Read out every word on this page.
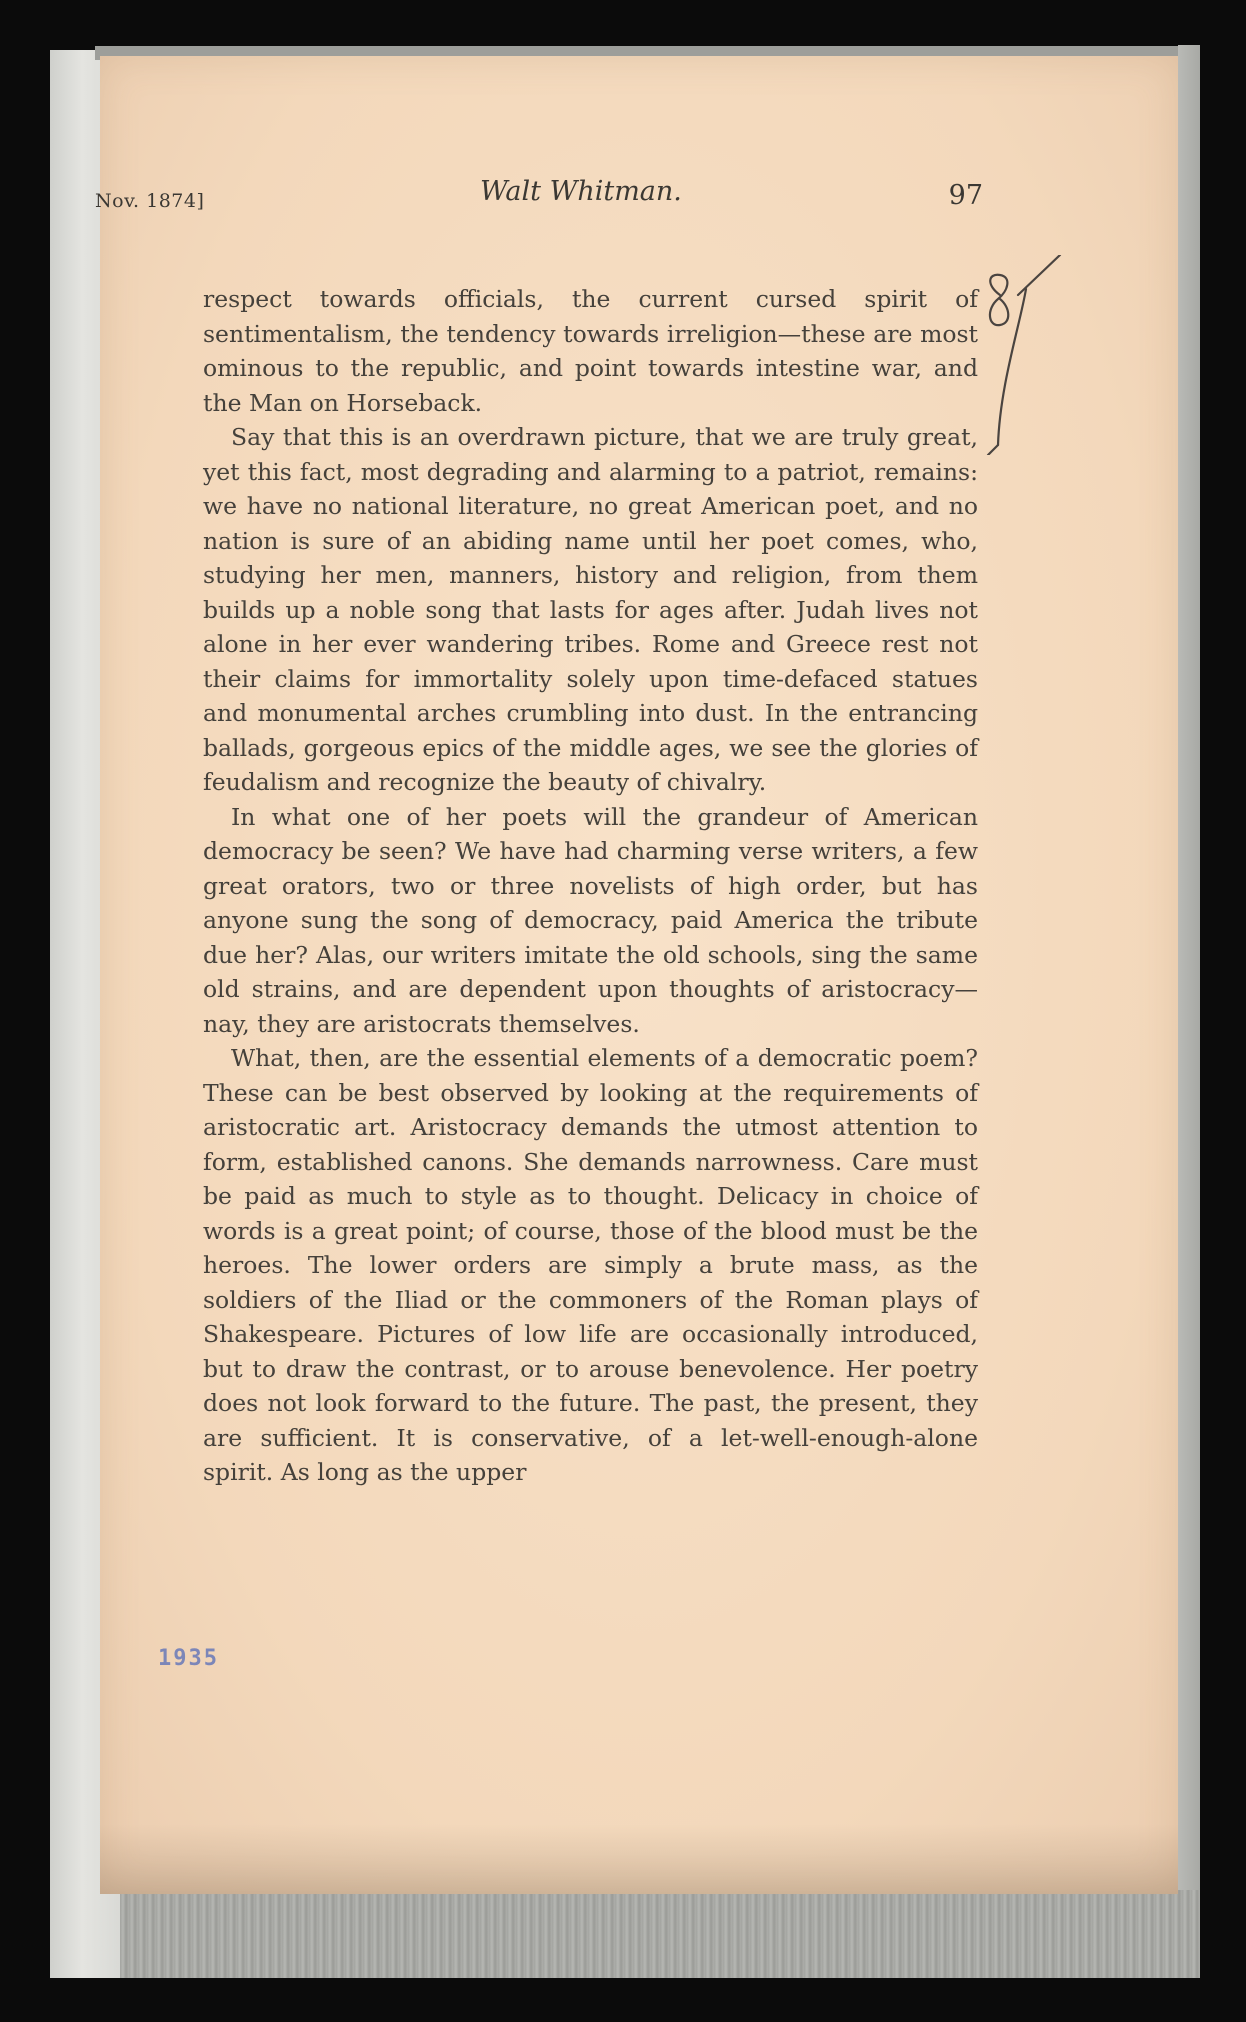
Nov. 1874]	Walt Whitman.	97

respect towards officials, the current cursed spirit of sentimentalism, the tendency towards irreligion—these are most ominous to the republic, and point towards intestine war, and the Man on Horseback.

Say that this is an overdrawn picture, that we are truly great, yet this fact, most degrading and alarming to a patriot, remains: we have no national literature, no great American poet, and no nation is sure of an abiding name until her poet comes, who, studying her men, manners, history and religion, from them builds up a noble song that lasts for ages after. Judah lives not alone in her ever wandering tribes. Rome and Greece rest not their claims for immortality solely upon time-defaced statues and monumental arches crumbling into dust. In the entrancing ballads, gorgeous epics of the middle ages, we see the glories of feudalism and recognize the beauty of chivalry.

In what one of her poets will the grandeur of American democracy be seen? We have had charming verse writers, a few great orators, two or three novelists of high order, but has anyone sung the song of democracy, paid America the tribute due her? Alas, our writers imitate the old schools, sing the same old strains, and are dependent upon thoughts of aristocracy—nay, they are aristocrats themselves.

What, then, are the essential elements of a democratic poem? These can be best observed by looking at the requirements of aristocratic art. Aristocracy demands the utmost attention to form, established canons. She demands narrowness. Care must be paid as much to style as to thought. Delicacy in choice of words is a great point; of course, those of the blood must be the heroes. The lower orders are simply a brute mass, as the soldiers of the Iliad or the commoners of the Roman plays of Shakespeare. Pictures of low life are occasionally introduced, but to draw the contrast, or to arouse benevolence. Her poetry does not look forward to the future. The past, the present, they are sufficient. It is conservative, of a let-well-enough-alone spirit. As long as the upper

1935
